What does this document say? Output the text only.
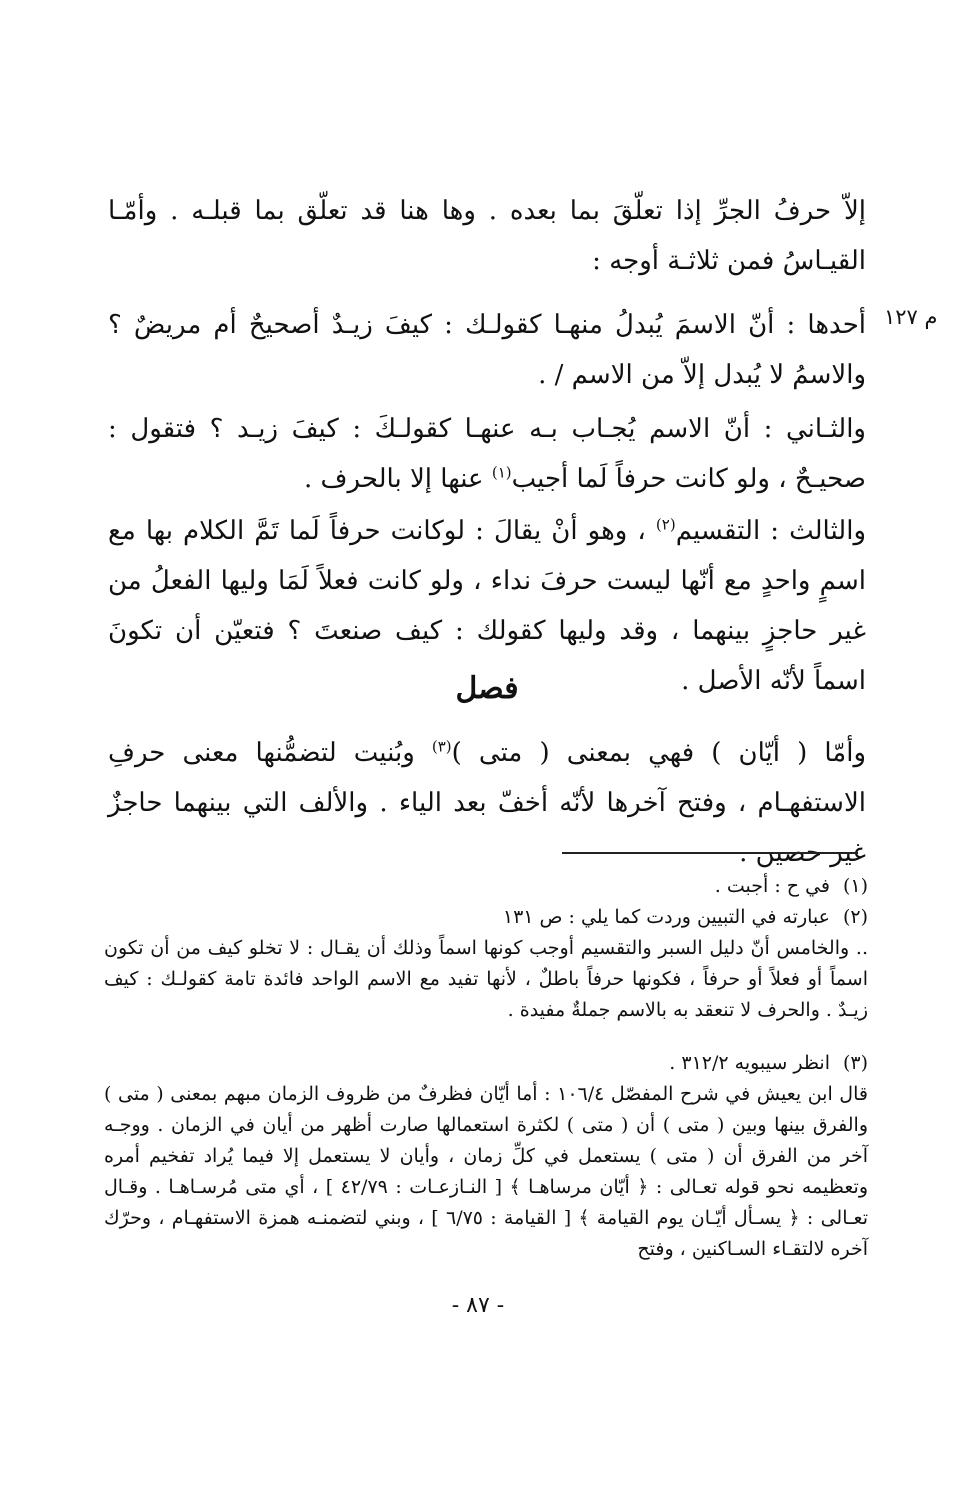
م ١٢٧

إلاّ حرفُ الجرِّ إذا تعلّقَ بما بعده . وها هنا قد تعلّق بما قبلـه . وأمّـا القيـاسُ فمن ثلاثـة أوجه :

أحدها : أنّ الاسمَ يُبدلُ منهـا كقولـك : كيفَ زيـدٌ أصحيحٌ أم مريضٌ ؟ والاسمُ لا يُبدل إلاّ من الاسم / .

والثـاني : أنّ الاسم يُجـاب بـه عنهـا كقولـكَ : كيفَ زيـد ؟ فتقول : صحيـحٌ ، ولو كانت حرفاً لَما أجيب$^{(١)}$ عنها إلا بالحرف .

والثالث : التقسيم$^{(٢)}$ ، وهو أنْ يقالَ : لوكانت حرفاً لَما تَمَّ الكلام بها مع اسمٍ واحدٍ مع أنّها ليست حرفَ نداء ، ولو كانت فعلاً لَمَا وليها الفعلُ من غير حاجزٍ بينهما ، وقد وليها كقولك : كيف صنعتَ ؟ فتعيّن أن تكونَ اسماً لأنّه الأصل .

فصل

وأمّا ( أيّان ) فهي بمعنى ( متى )$^{(٣)}$ وبُنيت لتضمُّنها معنى حرفِ الاستفهـام ، وفتح آخرها لأنّه أخفّ بعد الياء . والألف التي بينهما حاجزٌ غير حصين .

(١)
في ح : أجبت .
(٢)
عبارته في التبيين وردت كما يلي : ص ١٣١
.. والخامس أنّ دليل السبر والتقسيم أوجب كونها اسماً وذلك أن يقـال : لا تخلو كيف من أن تكون اسماً أو فعلاً أو حرفاً ، فكونها حرفاً باطلٌ ، لأنها تفيد مع الاسم الواحد فائدة تامة كقولـك : كيف زيـدٌ . والحرف لا تنعقد به بالاسم جملةٌ مفيدة .
(٣)
انظر سيبويه ٣١٢/٢ .
قال ابن يعيش في شرح المفصّل ١٠٦/٤ : أما أيّان فظرفٌ من ظروف الزمان مبهم بمعنى ( متى ) والفرق بينها وبين ( متى ) أن ( متى ) لكثرة استعمالها صارت أظهر من أيان في الزمان . ووجـه آخر من الفرق أن ( متى ) يستعمل في كلِّ زمان ، وأيان لا يستعمل إلا فيما يُراد تفخيم أمره وتعظيمه نحو قوله تعـالى : ﴿ أيّان مرساهـا ﴾ [ النـازعـات : ٤٢/٧٩ ] ، أي متى مُرسـاهـا . وقـال تعـالى : ﴿ يسـأل أيّـان يوم القيامة ﴾ [ القيامة : ٦/٧٥ ] ، وبني لتضمنـه همزة الاستفهـام ، وحرّك آخره لالتقـاء السـاكنين ، وفتح
- ٨٧ -
